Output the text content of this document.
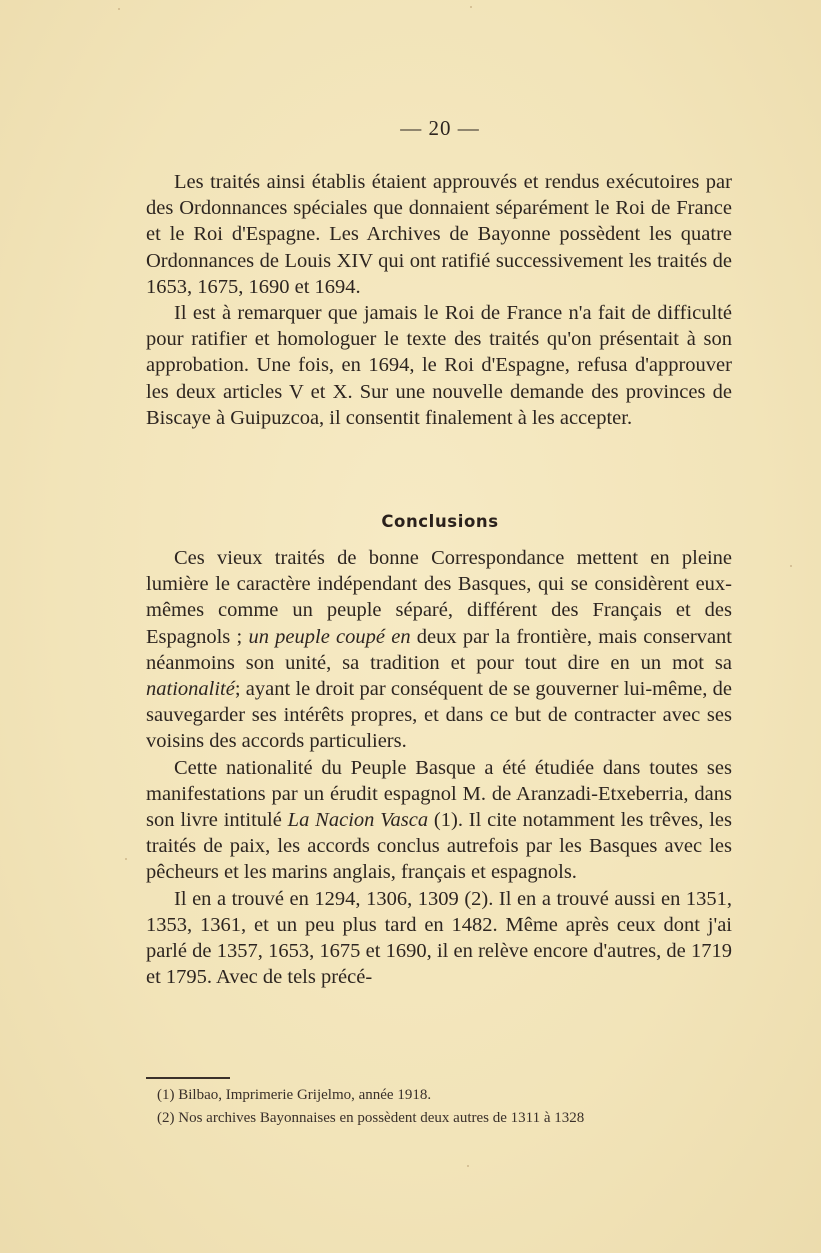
— 20 —

Les traités ainsi établis étaient approuvés et rendus exécutoires par des Ordonnances spéciales que donnaient séparément le Roi de France et le Roi d'Espagne. Les Archives de Bayonne possèdent les quatre Ordonnances de Louis XIV qui ont ratifié successivement les traités de 1653, 1675, 1690 et 1694.

Il est à remarquer que jamais le Roi de France n'a fait de difficulté pour ratifier et homologuer le texte des traités qu'on présentait à son approbation. Une fois, en 1694, le Roi d'Espagne, refusa d'approuver les deux articles V et X. Sur une nouvelle demande des provinces de Biscaye à Guipuzcoa, il consentit finalement à les accepter.

Conclusions

Ces vieux traités de bonne Correspondance mettent en pleine lumière le caractère indépendant des Basques, qui se considèrent eux-mêmes comme un peuple séparé, différent des Français et des Espagnols ; un peuple coupé en deux par la frontière, mais conservant néanmoins son unité, sa tradition et pour tout dire en un mot sa nationalité; ayant le droit par conséquent de se gouverner lui-même, de sauvegarder ses intérêts propres, et dans ce but de contracter avec ses voisins des accords particuliers.

Cette nationalité du Peuple Basque a été étudiée dans toutes ses manifestations par un érudit espagnol M. de Aranzadi-Etxeberria, dans son livre intitulé La Nacion Vasca (1). Il cite notamment les trêves, les traités de paix, les accords conclus autrefois par les Basques avec les pêcheurs et les marins anglais, français et espagnols.

Il en a trouvé en 1294, 1306, 1309 (2). Il en a trouvé aussi en 1351, 1353, 1361, et un peu plus tard en 1482. Même après ceux dont j'ai parlé de 1357, 1653, 1675 et 1690, il en relève encore d'autres, de 1719 et 1795. Avec de tels précé-

(1) Bilbao, Imprimerie Grijelmo, année 1918.
(2) Nos archives Bayonnaises en possèdent deux autres de 1311 à 1328
